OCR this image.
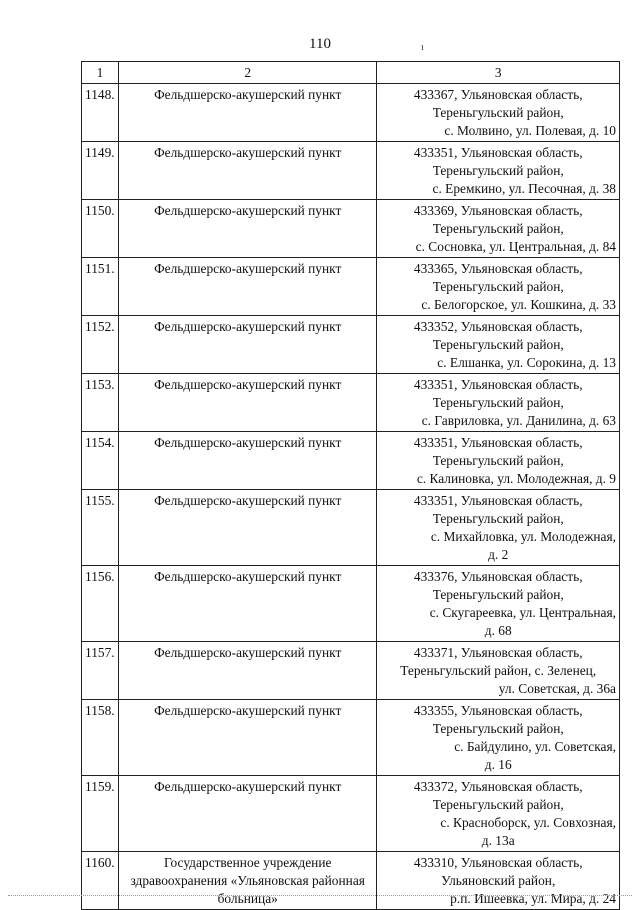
110	ı
1	2	3
1148.	Фельдшерско-акушерский пункт	433367, Ульяновская область,
Тереньгульский район,
с. Молвино, ул. Полевая, д. 10

1149.	Фельдшерско-акушерский пункт	433351, Ульяновская область,
Тереньгульский район,
с. Еремкино, ул. Песочная, д. 38

1150.	Фельдшерско-акушерский пункт	433369, Ульяновская область,
Тереньгульский район,
с. Сосновка, ул. Центральная, д. 84

1151.	Фельдшерско-акушерский пункт	433365, Ульяновская область,
Тереньгульский район,
с. Белогорское, ул. Кошкина, д. 33

1152.	Фельдшерско-акушерский пункт	433352, Ульяновская область,
Тереньгульский район,
с. Елшанка, ул. Сорокина, д. 13

1153.	Фельдшерско-акушерский пункт	433351, Ульяновская область,
Тереньгульский район,
с. Гавриловка, ул. Данилина, д. 63

1154.	Фельдшерско-акушерский пункт	433351, Ульяновская область,
Тереньгульский район,
с. Калиновка, ул. Молодежная, д. 9

1155.	Фельдшерско-акушерский пункт	433351, Ульяновская область,
Тереньгульский район,
с. Михайловка, ул. Молодежная,
д. 2

1156.	Фельдшерско-акушерский пункт	433376, Ульяновская область,
Тереньгульский район,
с. Скугареевка, ул. Центральная,
д. 68

1157.	Фельдшерско-акушерский пункт	433371, Ульяновская область,
Тереньгульский район, с. Зеленец,
ул. Советская, д. 36а

1158.	Фельдшерско-акушерский пункт	433355, Ульяновская область,
Тереньгульский район,
с. Байдулино, ул. Советская,
д. 16

1159.	Фельдшерско-акушерский пункт	433372, Ульяновская область,
Тереньгульский район,
с. Красноборск, ул. Совхозная,
д. 13а

1160.	Государственное учреждение здравоохранения «Ульяновская районная больница»	433310, Ульяновская область,
Ульяновский район,
р.п. Ишеевка, ул. Мира, д. 24
